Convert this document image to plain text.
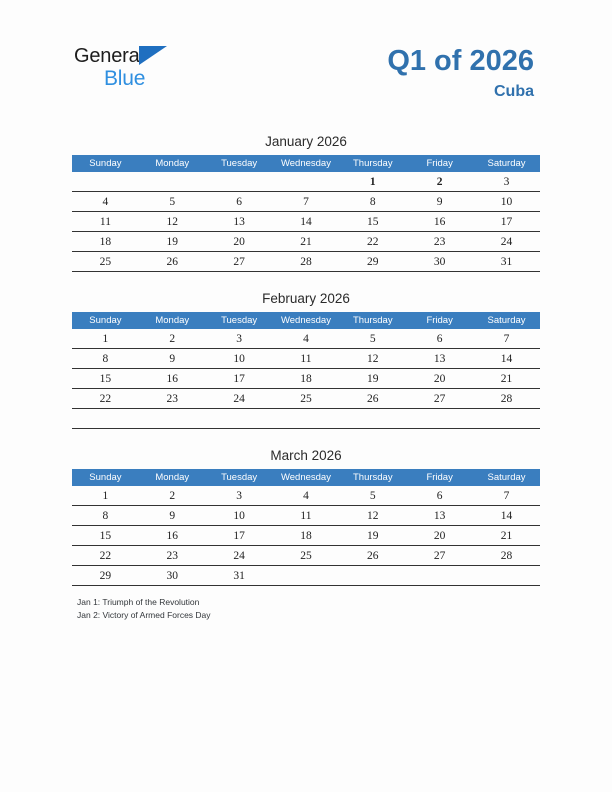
General
Blue
Q1 of 2026
Cuba
January 2026
Sunday	Monday	Tuesday	Wednesday	Thursday	Friday	Saturday
				1	2	3
4	5	6	7	8	9	10
11	12	13	14	15	16	17
18	19	20	21	22	23	24
25	26	27	28	29	30	31
February 2026
Sunday	Monday	Tuesday	Wednesday	Thursday	Friday	Saturday
1	2	3	4	5	6	7
8	9	10	11	12	13	14
15	16	17	18	19	20	21
22	23	24	25	26	27	28

March 2026
Sunday	Monday	Tuesday	Wednesday	Thursday	Friday	Saturday
1	2	3	4	5	6	7
8	9	10	11	12	13	14
15	16	17	18	19	20	21
22	23	24	25	26	27	28
29	30	31				
Jan 1: Triumph of the Revolution
Jan 2: Victory of Armed Forces Day
